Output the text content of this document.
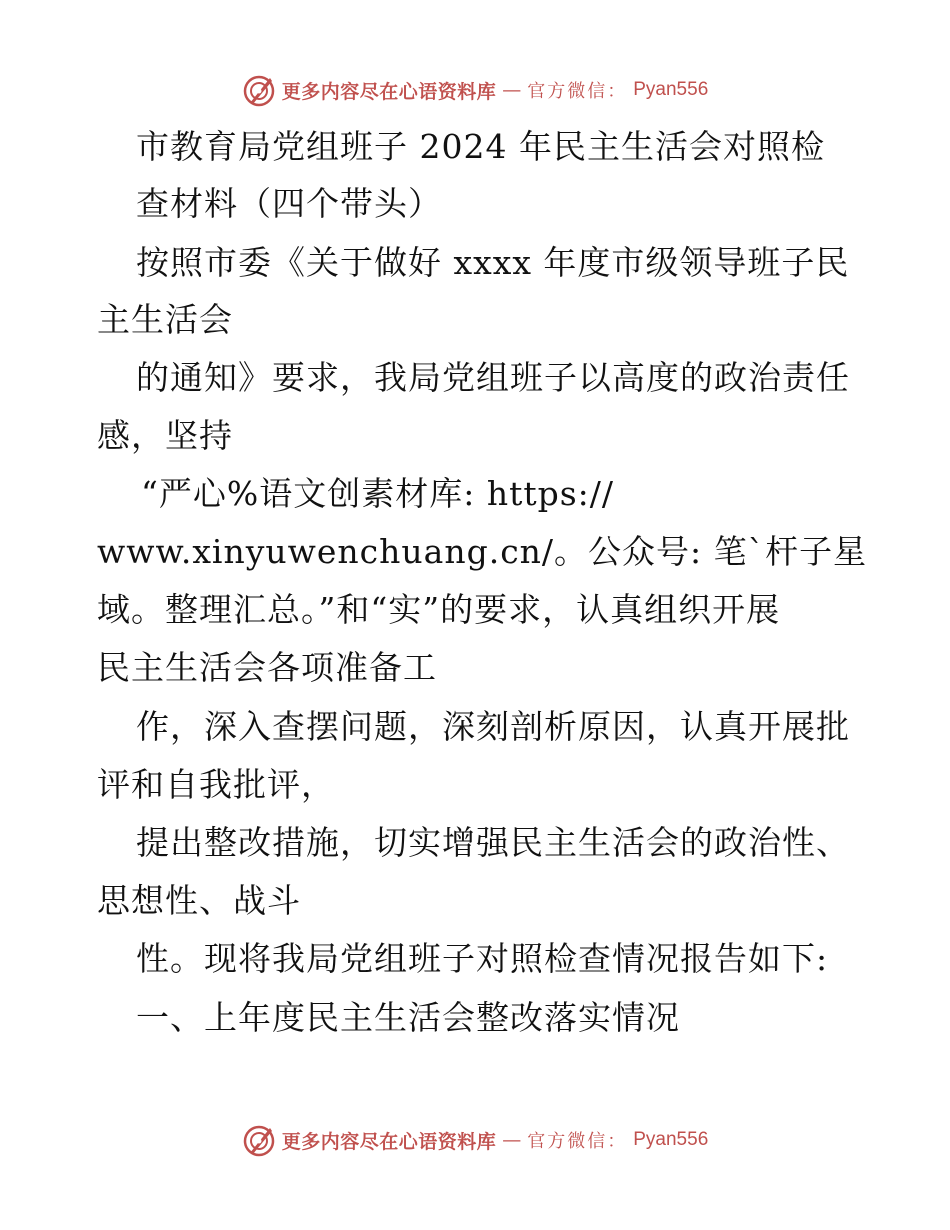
更多内容尽在心语资料库 — 官方微信： Pyan556
市教育局党组班子 2024 年民主生活会对照检
查材料（四个带头）
按照市委《关于做好 xxxx 年度市级领导班子民
主生活会
的通知》要求，我局党组班子以高度的政治责任
感，坚持
“严心%语文创素材库: https://
www.xinyuwenchuang.cn/。公众号: 笔`杆子星
域。整理汇总。”和“实”的要求，认真组织开展
民主生活会各项准备工
作，深入查摆问题，深刻剖析原因，认真开展批
评和自我批评，
提出整改措施，切实增强民主生活会的政治性、
思想性、战斗
性。现将我局党组班子对照检查情况报告如下:
一、上年度民主生活会整改落实情况
更多内容尽在心语资料库 — 官方微信： Pyan556
